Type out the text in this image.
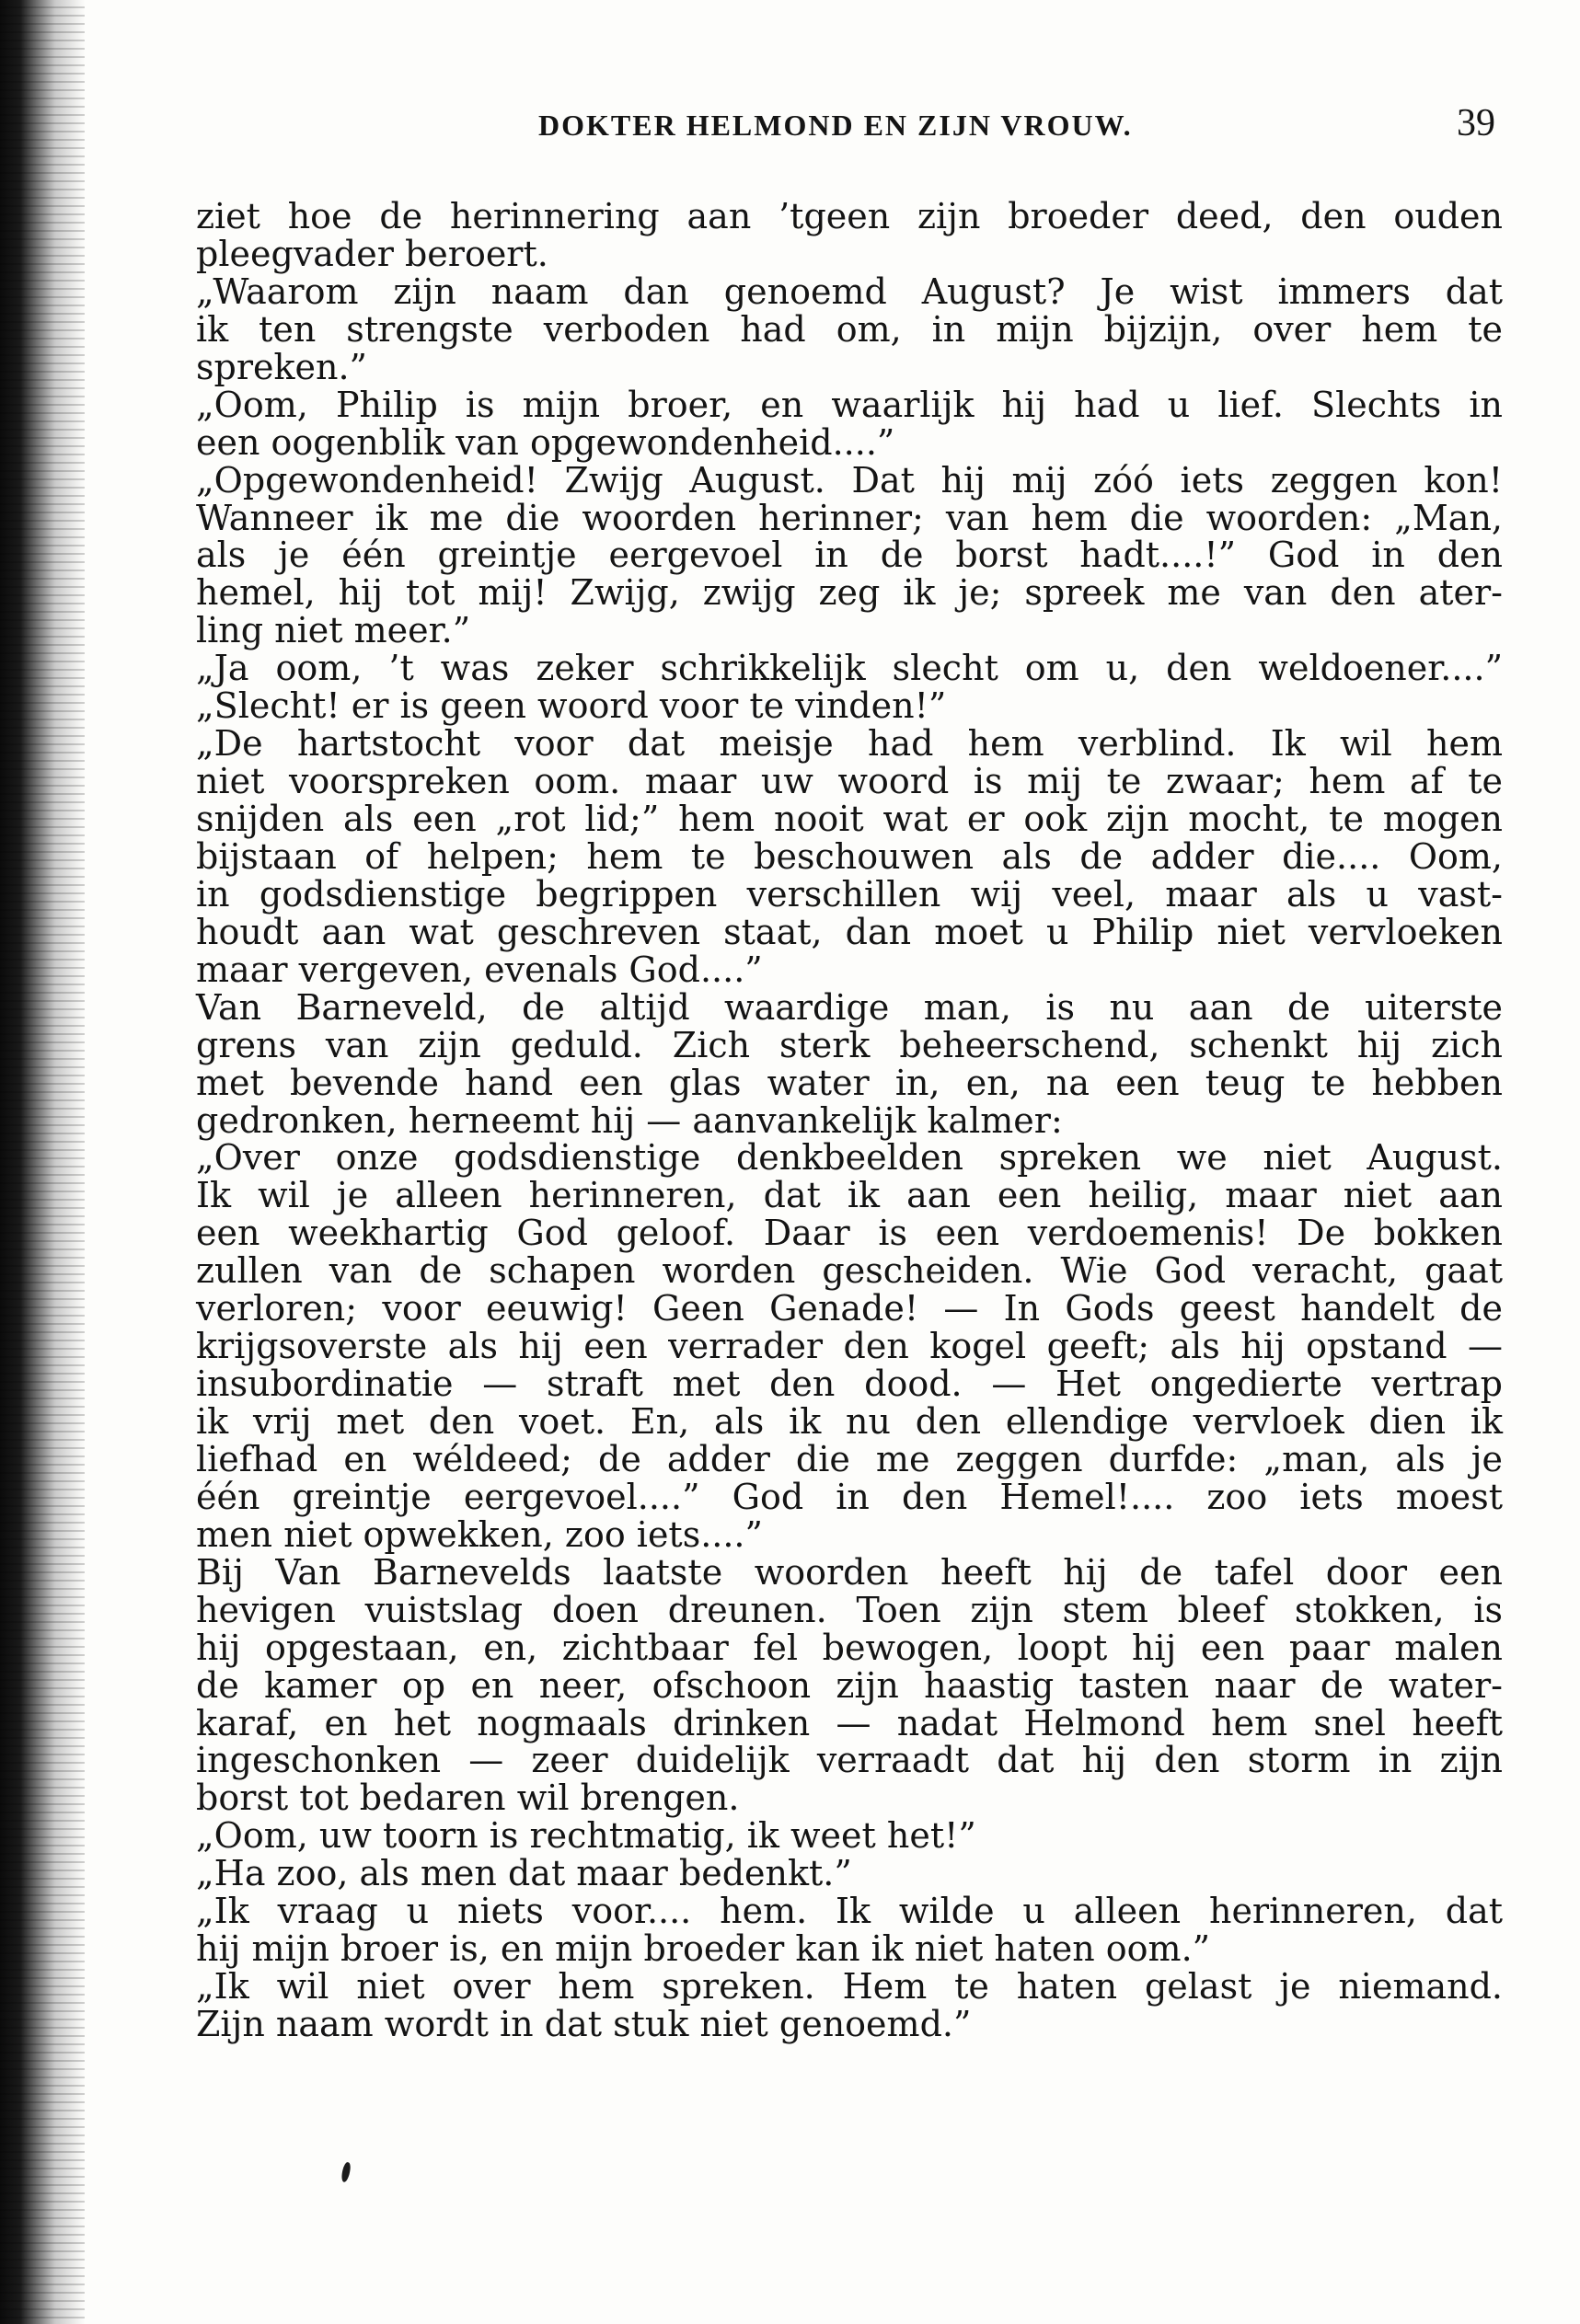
DOKTER HELMOND EN ZIJN VROUW.	39
ziet hoe de herinnering aan ’tgeen zijn broeder deed, den ouden
pleegvader beroert.
„Waarom zijn naam dan genoemd August? Je wist immers dat
ik ten strengste verboden had om, in mijn bijzijn, over hem te
spreken.”
„Oom, Philip is mijn broer, en waarlijk hij had u lief. Slechts in
een oogenblik van opgewondenheid....”
„Opgewondenheid! Zwijg August. Dat hij mij zóó iets zeggen kon!
Wanneer ik me die woorden herinner; van hem die woorden: „Man,
als je één greintje eergevoel in de borst hadt....!” God in den
hemel, hij tot mij! Zwijg, zwijg zeg ik je; spreek me van den ater-
ling niet meer.”
„Ja oom, ’t was zeker schrikkelijk slecht om u, den weldoener....”
„Slecht! er is geen woord voor te vinden!”
„De hartstocht voor dat meisje had hem verblind. Ik wil hem
niet voorspreken oom. maar uw woord is mij te zwaar; hem af te
snijden als een „rot lid;” hem nooit wat er ook zijn mocht, te mogen
bijstaan of helpen; hem te beschouwen als de adder die.... Oom,
in godsdienstige begrippen verschillen wij veel, maar als u vast-
houdt aan wat geschreven staat, dan moet u Philip niet vervloeken
maar vergeven, evenals God....”
Van Barneveld, de altijd waardige man, is nu aan de uiterste
grens van zijn geduld. Zich sterk beheerschend, schenkt hij zich
met bevende hand een glas water in, en, na een teug te hebben
gedronken, herneemt hij — aanvankelijk kalmer:
„Over onze godsdienstige denkbeelden spreken we niet August.
Ik wil je alleen herinneren, dat ik aan een heilig, maar niet aan
een weekhartig God geloof. Daar is een verdoemenis! De bokken
zullen van de schapen worden gescheiden. Wie God veracht, gaat
verloren; voor eeuwig! Geen Genade! — In Gods geest handelt de
krijgsoverste als hij een verrader den kogel geeft; als hij opstand —
insubordinatie — straft met den dood. — Het ongedierte vertrap
ik vrij met den voet. En, als ik nu den ellendige vervloek dien ik
liefhad en wéldeed; de adder die me zeggen durfde: „man, als je
één greintje eergevoel....” God in den Hemel!.... zoo iets moest
men niet opwekken, zoo iets....”
Bij Van Barnevelds laatste woorden heeft hij de tafel door een
hevigen vuistslag doen dreunen. Toen zijn stem bleef stokken, is
hij opgestaan, en, zichtbaar fel bewogen, loopt hij een paar malen
de kamer op en neer, ofschoon zijn haastig tasten naar de water-
karaf, en het nogmaals drinken — nadat Helmond hem snel heeft
ingeschonken — zeer duidelijk verraadt dat hij den storm in zijn
borst tot bedaren wil brengen.
„Oom, uw toorn is rechtmatig, ik weet het!”
„Ha zoo, als men dat maar bedenkt.”
„Ik vraag u niets voor.... hem. Ik wilde u alleen herinneren, dat
hij mijn broer is, en mijn broeder kan ik niet haten oom.”
„Ik wil niet over hem spreken. Hem te haten gelast je niemand.
Zijn naam wordt in dat stuk niet genoemd.”
